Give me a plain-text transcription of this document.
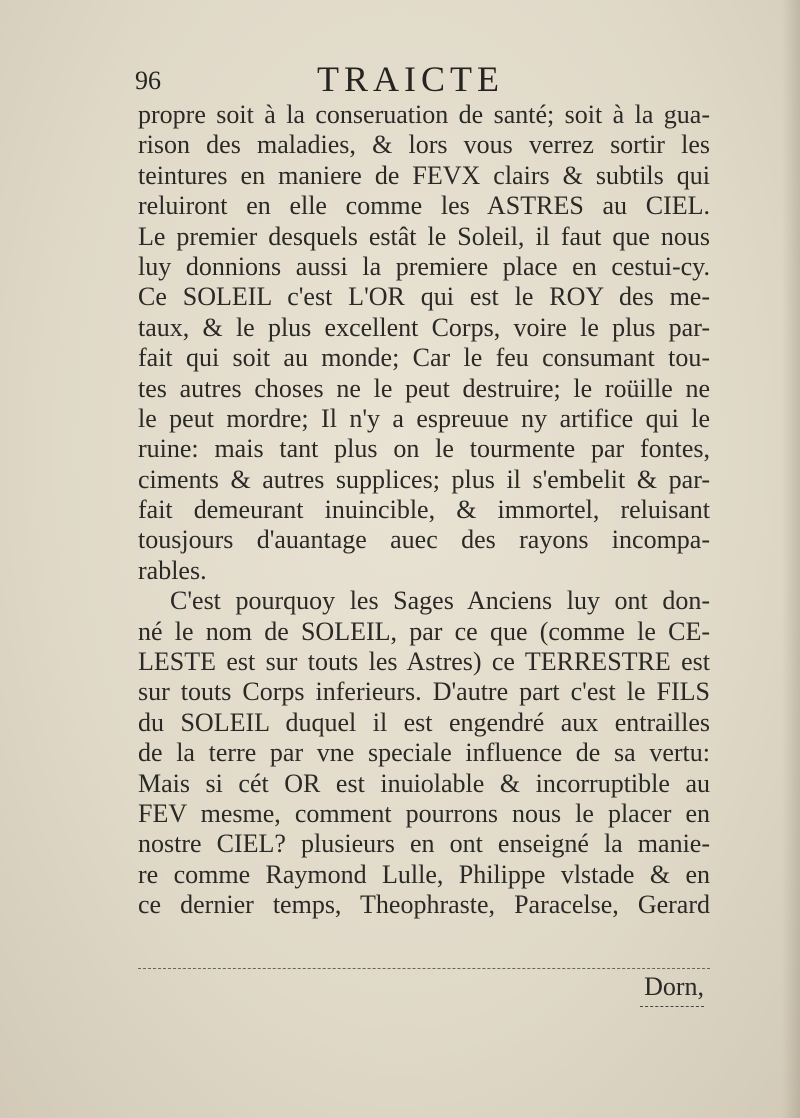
96	TRAICTE
propre soit à la conseruation de santé; soit à la gua-
rison des maladies, & lors vous verrez sortir les
teintures en maniere de FEVX clairs & subtils qui
reluiront en elle comme les ASTRES au CIEL.
Le premier desquels estât le Soleil, il faut que nous
luy donnions aussi la premiere place en cestui-cy.
Ce SOLEIL c'est L'OR qui est le ROY des me-
taux, & le plus excellent Corps, voire le plus par-
fait qui soit au monde; Car le feu consumant tou-
tes autres choses ne le peut destruire; le roüille ne
le peut mordre; Il n'y a espreuue ny artifice qui le
ruine: mais tant plus on le tourmente par fontes,
ciments & autres supplices; plus il s'embelit & par-
fait demeurant inuincible, & immortel, reluisant
tousjours d'auantage auec des rayons incompa-
rables.
C'est pourquoy les Sages Anciens luy ont don-
né le nom de SOLEIL, par ce que (comme le CE-
LESTE est sur touts les Astres) ce TERRESTRE est
sur touts Corps inferieurs. D'autre part c'est le FILS
du SOLEIL duquel il est engendré aux entrailles
de la terre par vne speciale influence de sa vertu:
Mais si cét OR est inuiolable & incorruptible au
FEV mesme, comment pourrons nous le placer en
nostre CIEL? plusieurs en ont enseigné la manie-
re comme Raymond Lulle, Philippe vlstade & en
ce dernier temps, Theophraste, Paracelse, Gerard
Dorn,
